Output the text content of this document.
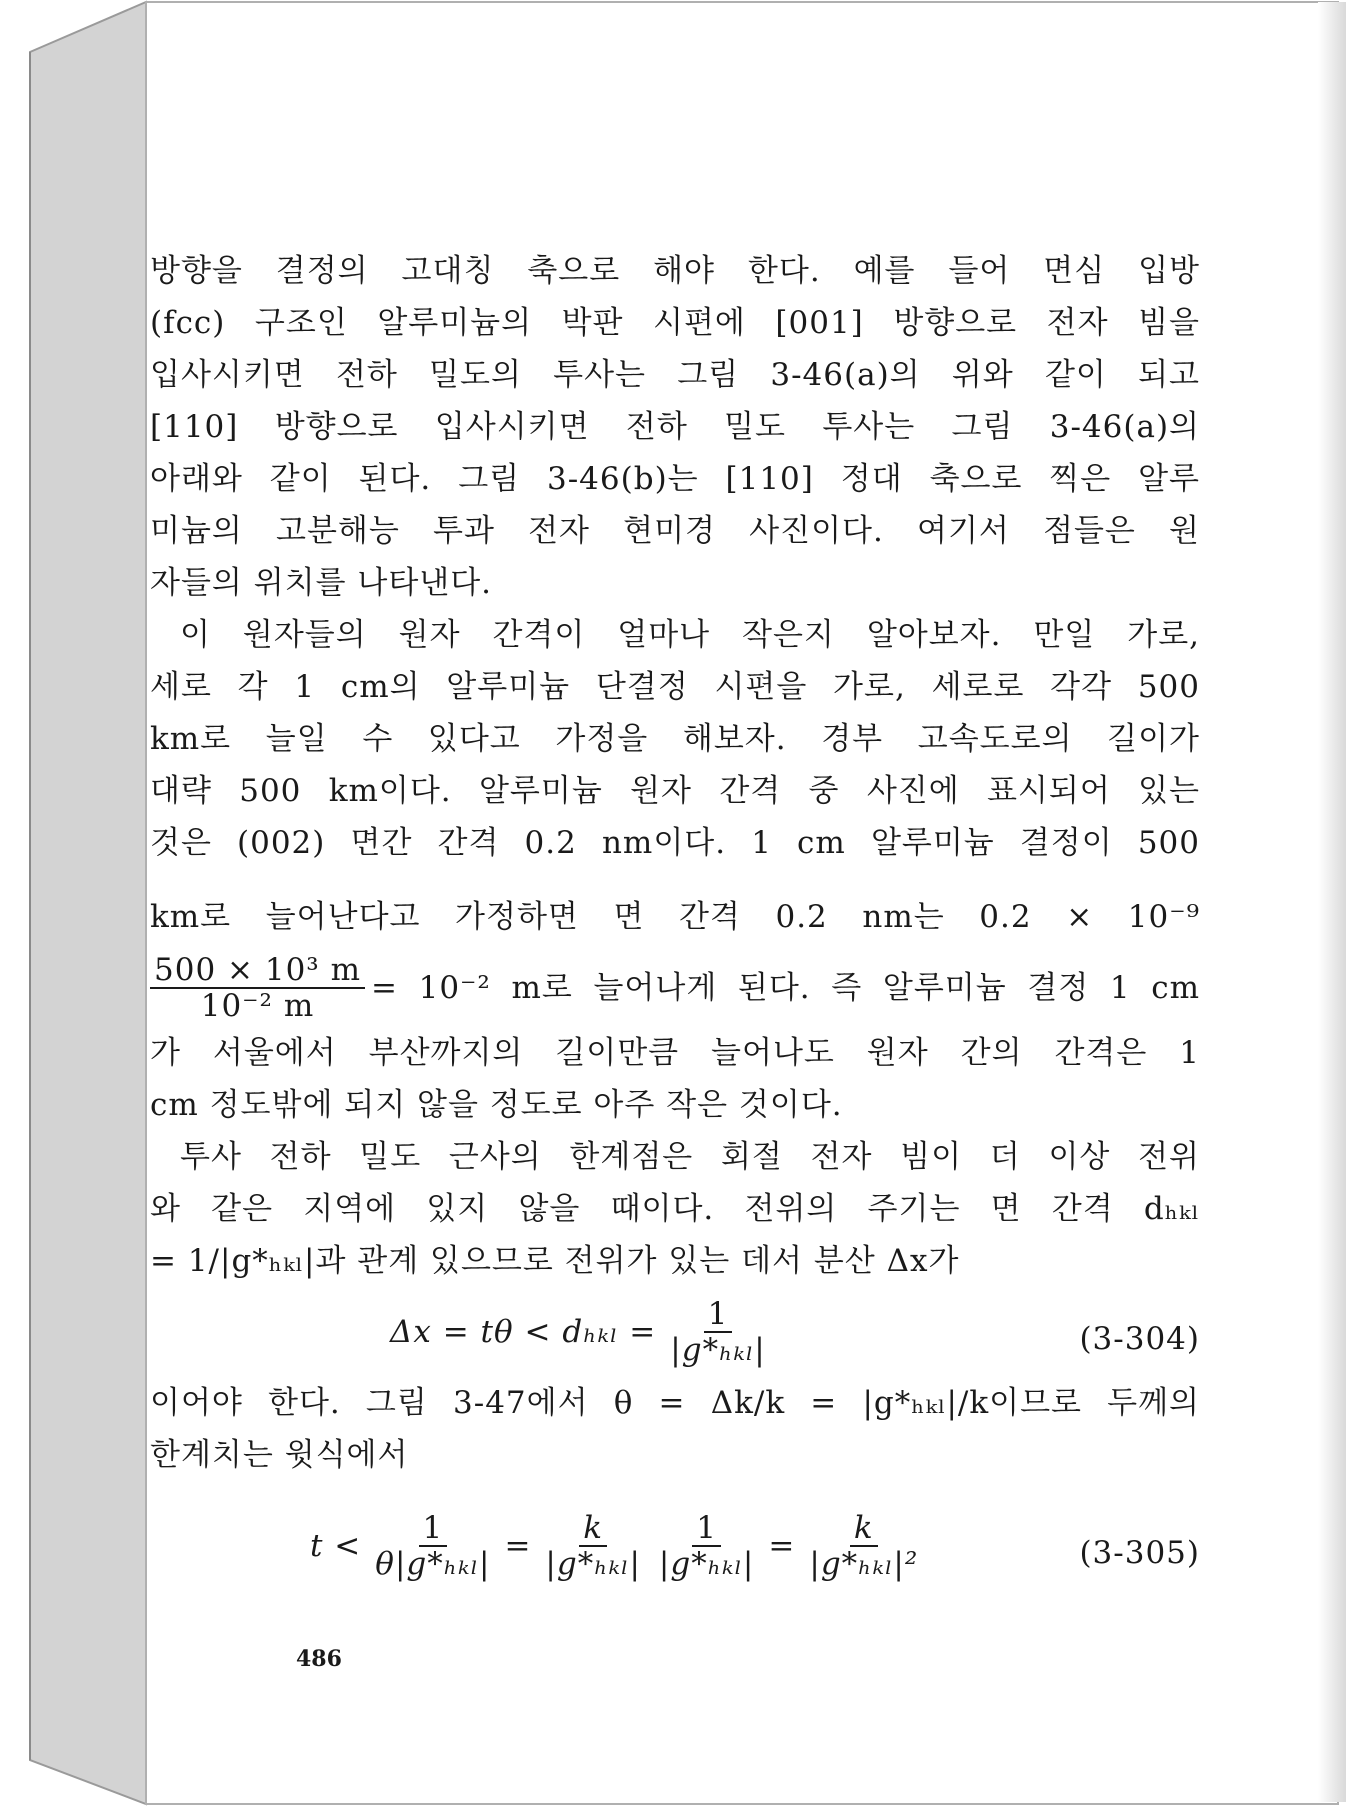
방향을 결정의 고대칭 축으로 해야 한다. 예를 들어 면심 입방
(fcc) 구조인 알루미늄의 박판 시편에 [001] 방향으로 전자 빔을
입사시키면 전하 밀도의 투사는 그림 3-46(a)의 위와 같이 되고
[110] 방향으로 입사시키면 전하 밀도 투사는 그림 3-46(a)의
아래와 같이 된다. 그림 3-46(b)는 [110] 정대 축으로 찍은 알루
미늄의 고분해능 투과 전자 현미경 사진이다. 여기서 점들은 원
자들의 위치를 나타낸다.
이 원자들의 원자 간격이 얼마나 작은지 알아보자. 만일 가로,
세로 각 1 cm의 알루미늄 단결정 시편을 가로, 세로로 각각 500
km로 늘일 수 있다고 가정을 해보자. 경부 고속도로의 길이가
대략 500 km이다. 알루미늄 원자 간격 중 사진에 표시되어 있는
것은 (002) 면간 간격 0.2 nm이다. 1 cm 알루미늄 결정이 500
km로 늘어난다고 가정하면 면 간격 0.2 nm는 0.2 × 10⁻⁹
$\frac{\text{500 × 10³ m}}{\text{10⁻² m}} = 10^{-2}$ m로 늘어나게 된다. 즉 알루미늄 결정 1 cm
가 서울에서 부산까지의 길이만큼 늘어나도 원자 간의 간격은 1
cm 정도밖에 되지 않을 정도로 아주 작은 것이다.
투사 전하 밀도 근사의 한계점은 회절 전자 빔이 더 이상 전위
와 같은 지역에 있지 않을 때이다. 전위의 주기는 면 간격 dₕₖₗ
= 1/|g*ₕₖₗ|과 관계 있으므로 전위가 있는 데서 분산 Δx가
$\Delta x = t\theta < d_{hkl} = \frac{1}{\text{|g*ₕₖₗ|}}$	(3-304)
이어야 한다. 그림 3-47에서 θ = Δk/k = |g*ₕₖₗ|/k이므로 두께의
한계치는 윗식에서
$t < \frac{1}{\text{θ|g*ₕₖₗ|}} = \frac{k}{\text{|g*ₕₖₗ|}} \frac{1}{\text{|g*ₕₖₗ|}} = \frac{k}{\text{|g*ₕₖₗ|²}}$	(3-305)
486
